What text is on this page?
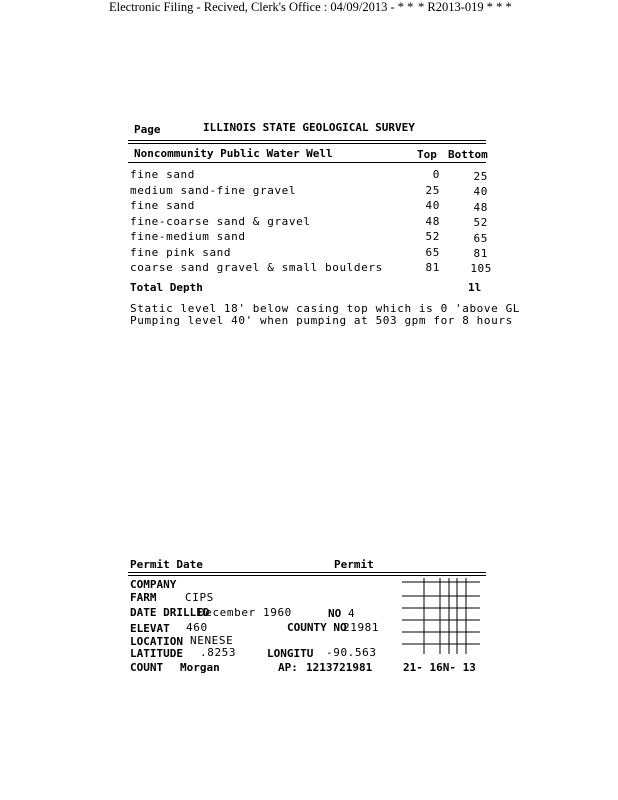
Electronic Filing - Recived, Clerk's Office : 04/09/2013 - * * * R2013-019 * * *
Page	ILLINOIS STATE GEOLOGICAL SURVEY
Noncommunity Public Water Well	Top Bottom
fine sand	0	25
medium sand-fine gravel	25	40
fine sand	40	48
fine-coarse sand & gravel	48	52
fine-medium sand	52	65
fine pink sand	65	81
coarse sand gravel & small boulders	81	105
Total Depth	1l
Static level 18' below casing top which is 0 'above GL
Pumping level 40' when pumping at 503 gpm for 8 hours
Permit Date	Permit
COMPANY
FARM	CIPS
DATE DRILLED
December 1960	NO 4
ELEVAT 460	COUNTY NO
21981
LOCATION NENESE
LATITUDE .8253	LONGITU -90.563
COUNT Morgan	AP: 1213721981	21- 16N- 13
